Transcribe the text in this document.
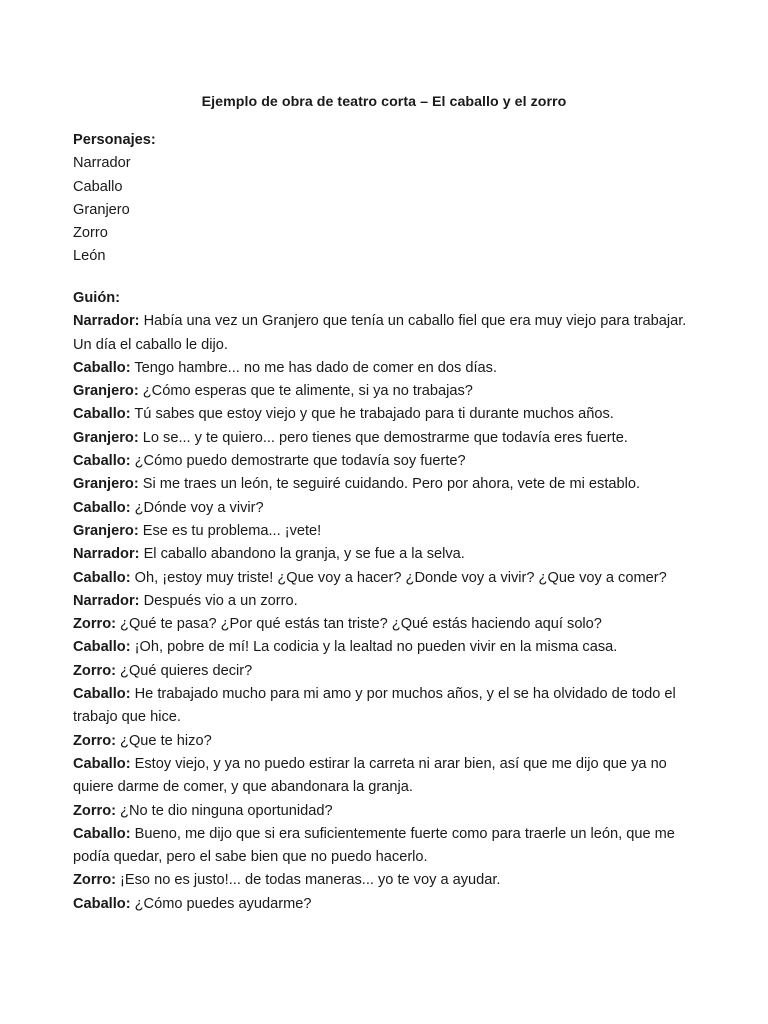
Ejemplo de obra de teatro corta – El caballo y el zorro
Personajes:
Narrador
Caballo
Granjero
Zorro
León
Guión:
Narrador: Había una vez un Granjero que tenía un caballo fiel que era muy viejo para trabajar. Un día el caballo le dijo.
Caballo: Tengo hambre... no me has dado de comer en dos días.
Granjero: ¿Cómo esperas que te alimente, si ya no trabajas?
Caballo: Tú sabes que estoy viejo y que he trabajado para ti durante muchos años.
Granjero: Lo se... y te quiero... pero tienes que demostrarme que todavía eres fuerte.
Caballo: ¿Cómo puedo demostrarte que todavía soy fuerte?
Granjero: Si me traes un león, te seguiré cuidando. Pero por ahora, vete de mi establo.
Caballo: ¿Dónde voy a vivir?
Granjero: Ese es tu problema... ¡vete!
Narrador: El caballo abandono la granja, y se fue a la selva.
Caballo: Oh, ¡estoy muy triste! ¿Que voy a hacer? ¿Donde voy a vivir? ¿Que voy a comer?
Narrador: Después vio a un zorro.
Zorro: ¿Qué te pasa? ¿Por qué estás tan triste? ¿Qué estás haciendo aquí solo?
Caballo: ¡Oh, pobre de mí! La codicia y la lealtad no pueden vivir en la misma casa.
Zorro: ¿Qué quieres decir?
Caballo: He trabajado mucho para mi amo y por muchos años, y el se ha olvidado de todo el trabajo que hice.
Zorro: ¿Que te hizo?
Caballo: Estoy viejo, y ya no puedo estirar la carreta ni arar bien, así que me dijo que ya no quiere darme de comer, y que abandonara la granja.
Zorro: ¿No te dio ninguna oportunidad?
Caballo: Bueno, me dijo que si era suficientemente fuerte como para traerle un león, que me podía quedar, pero el sabe bien que no puedo hacerlo.
Zorro: ¡Eso no es justo!... de todas maneras... yo te voy a ayudar.
Caballo: ¿Cómo puedes ayudarme?
